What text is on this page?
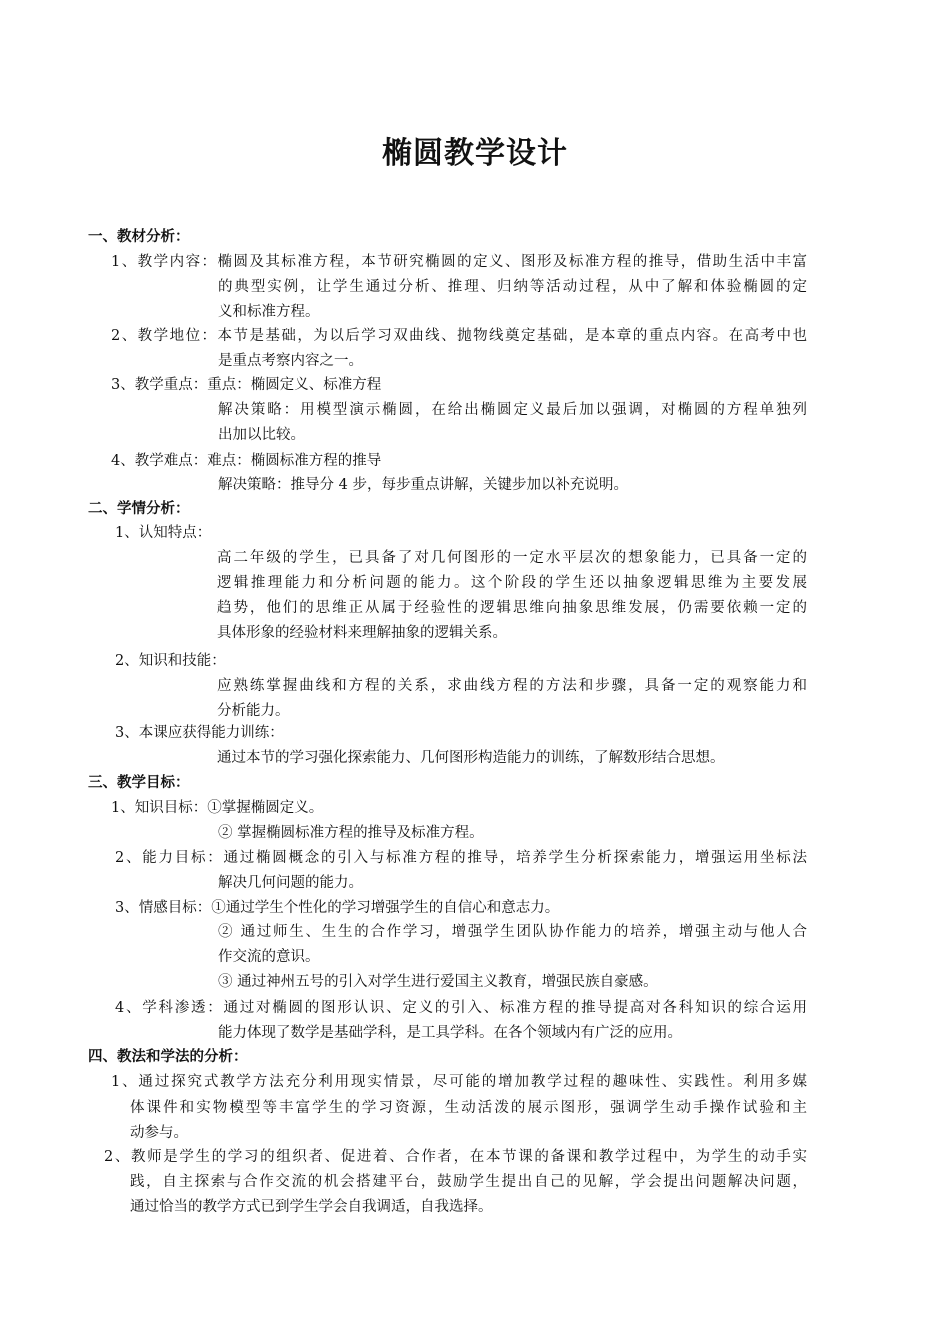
椭圆教学设计
一、教材分析：
1、教学内容：椭圆及其标准方程，本节研究椭圆的定义、图形及标准方程的推导，借助生活中丰富
的典型实例，让学生通过分析、推理、归纳等活动过程，从中了解和体验椭圆的定
义和标准方程。
2、教学地位：本节是基础，为以后学习双曲线、抛物线奠定基础，是本章的重点内容。在高考中也
是重点考察内容之一。
3、教学重点：重点：椭圆定义、标准方程
解决策略：用模型演示椭圆，在给出椭圆定义最后加以强调，对椭圆的方程单独列
出加以比较。
4、教学难点：难点：椭圆标准方程的推导
解决策略：推导分 4 步，每步重点讲解，关键步加以补充说明。
二、学情分析：
1、认知特点：
高二年级的学生，已具备了对几何图形的一定水平层次的想象能力，已具备一定的
逻辑推理能力和分析问题的能力。这个阶段的学生还以抽象逻辑思维为主要发展
趋势，他们的思维正从属于经验性的逻辑思维向抽象思维发展，仍需要依赖一定的
具体形象的经验材料来理解抽象的逻辑关系。
2、知识和技能：
应熟练掌握曲线和方程的关系，求曲线方程的方法和步骤，具备一定的观察能力和
分析能力。
3、本课应获得能力训练：
通过本节的学习强化探索能力、几何图形构造能力的训练，了解数形结合思想。
三、教学目标：
1、知识目标：①掌握椭圆定义。
② 掌握椭圆标准方程的推导及标准方程。
2、能力目标：通过椭圆概念的引入与标准方程的推导，培养学生分析探索能力，增强运用坐标法
解决几何问题的能力。
3、情感目标：①通过学生个性化的学习增强学生的自信心和意志力。
② 通过师生、生生的合作学习，增强学生团队协作能力的培养，增强主动与他人合
作交流的意识。
③ 通过神州五号的引入对学生进行爱国主义教育，增强民族自豪感。
4、学科渗透：通过对椭圆的图形认识、定义的引入、标准方程的推导提高对各科知识的综合运用
能力体现了数学是基础学科，是工具学科。在各个领域内有广泛的应用。
四、教法和学法的分析：
1、通过探究式教学方法充分利用现实情景，尽可能的增加教学过程的趣味性、实践性。利用多媒
体课件和实物模型等丰富学生的学习资源，生动活泼的展示图形，强调学生动手操作试验和主
动参与。
2、教师是学生的学习的组织者、促进着、合作者，在本节课的备课和教学过程中，为学生的动手实
践，自主探索与合作交流的机会搭建平台，鼓励学生提出自己的见解，学会提出问题解决问题，
通过恰当的教学方式已到学生学会自我调适，自我选择。
